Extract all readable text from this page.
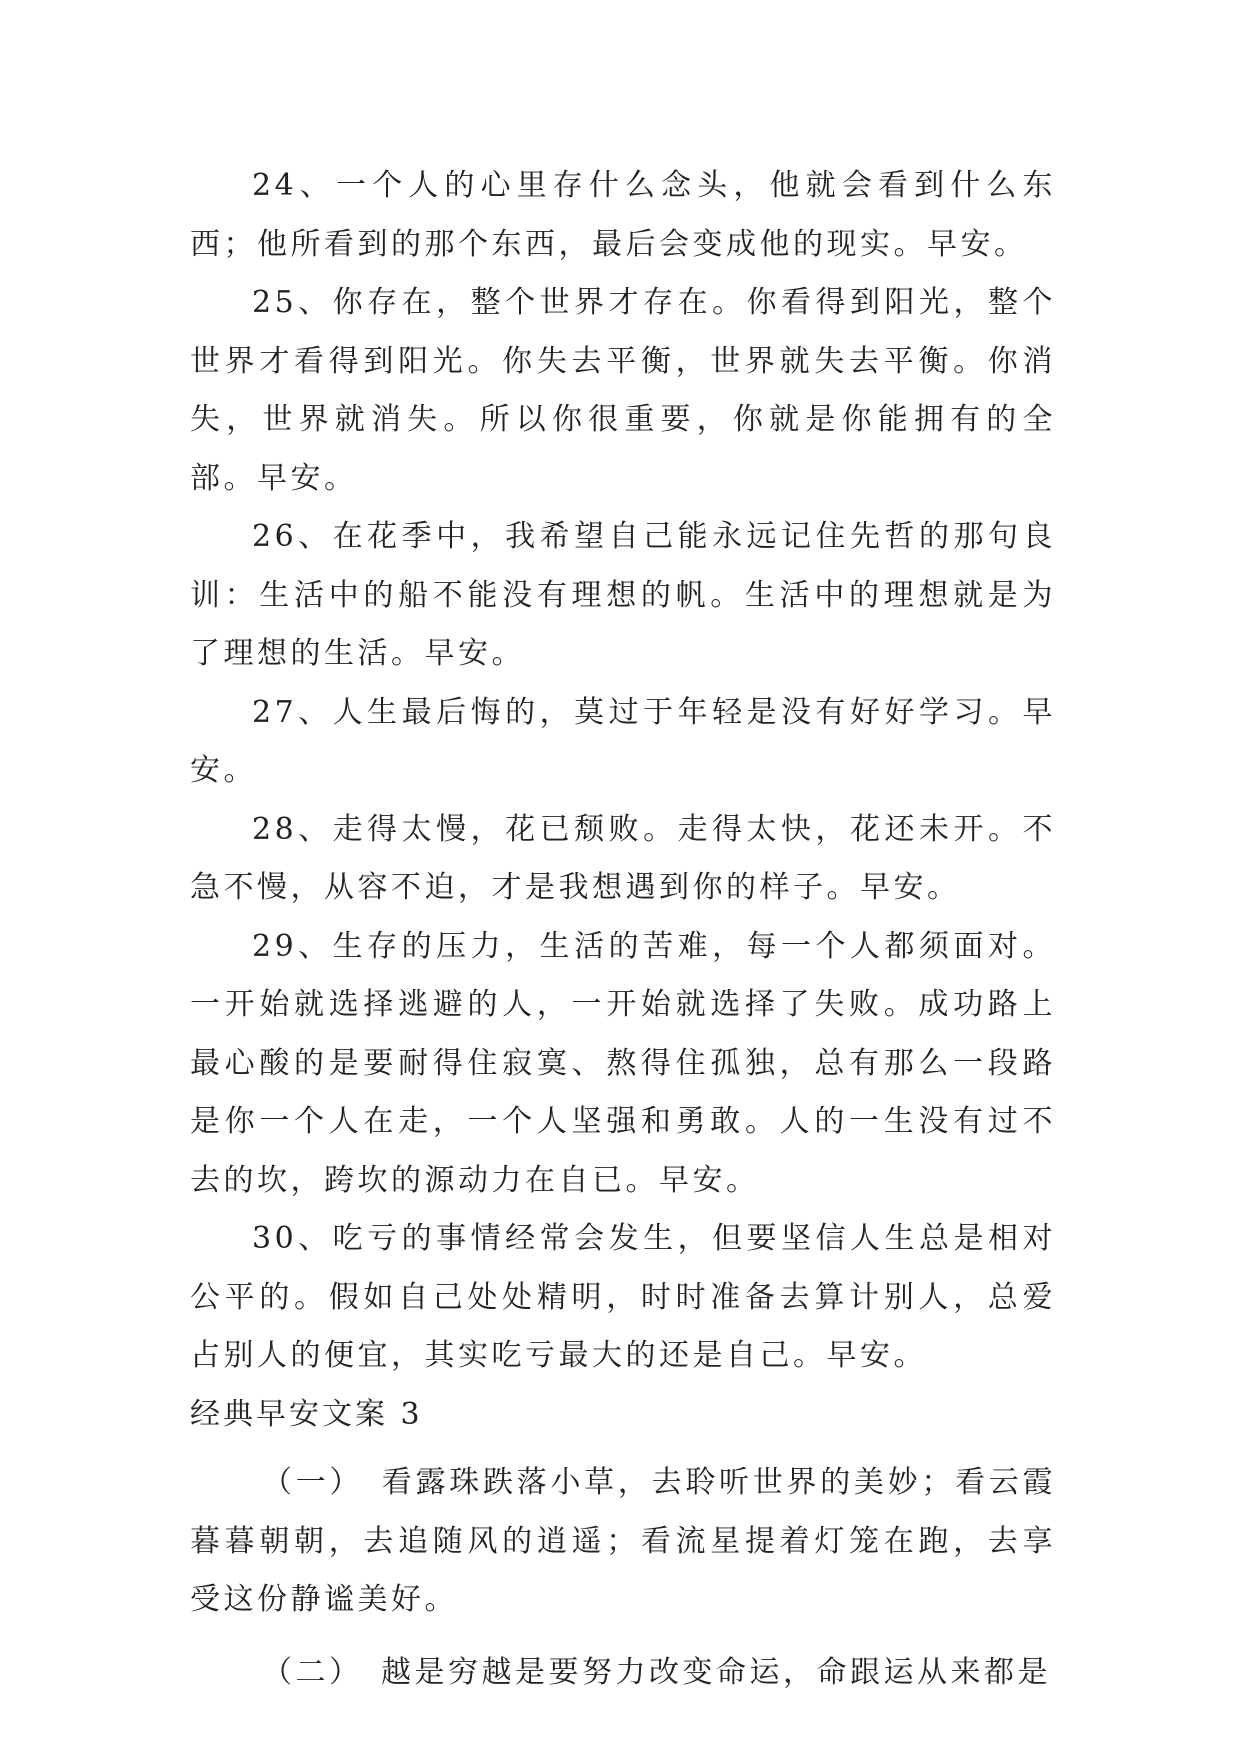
24、一个人的心里存什么念头，他就会看到什么东西；他所看到的那个东西，最后会变成他的现实。早安。

25、你存在，整个世界才存在。你看得到阳光，整个世界才看得到阳光。你失去平衡，世界就失去平衡。你消失，世界就消失。所以你很重要，你就是你能拥有的全部。早安。

26、在花季中，我希望自己能永远记住先哲的那句良训：生活中的船不能没有理想的帆。生活中的理想就是为了理想的生活。早安。

27、人生最后悔的，莫过于年轻是没有好好学习。早安。

28、走得太慢，花已颓败。走得太快，花还未开。不急不慢，从容不迫，才是我想遇到你的样子。早安。

29、生存的压力，生活的苦难，每一个人都须面对。一开始就选择逃避的人，一开始就选择了失败。成功路上最心酸的是要耐得住寂寞、熬得住孤独，总有那么一段路是你一个人在走，一个人坚强和勇敢。人的一生没有过不去的坎，跨坎的源动力在自已。早安。

30、吃亏的事情经常会发生，但要坚信人生总是相对公平的。假如自己处处精明，时时准备去算计别人，总爱占别人的便宜，其实吃亏最大的还是自己。早安。

经典早安文案 3

（一）　看露珠跌落小草，去聆听世界的美妙；看云霞暮暮朝朝，去追随风的逍遥；看流星提着灯笼在跑，去享受这份静谧美好。

（二）　越是穷越是要努力改变命运，命跟运从来都是
